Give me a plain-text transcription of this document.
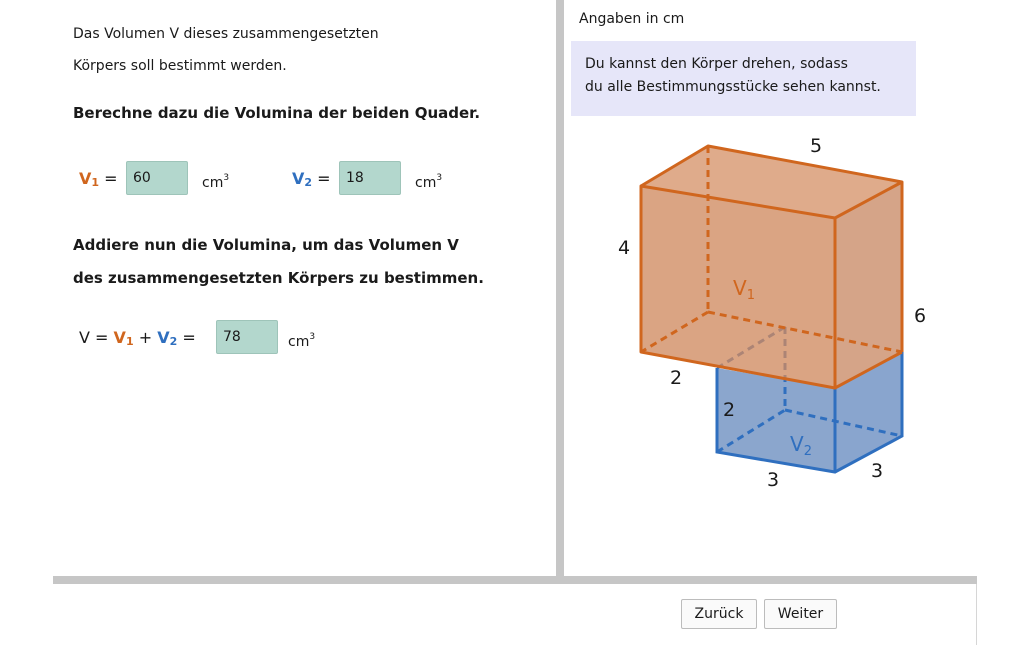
Das Volumen V dieses zusammengesetzten
Körpers soll bestimmt werden.
Berechne dazu die Volumina der beiden Quader.
V1 =
60	$cm^3$	V2 =
18	$cm^3$
Addiere nun die Volumina, um das Volumen V
des zusammengesetzten Körpers zu bestimmen.
V = V1 + V2 =
78	$cm^3$
Angaben in cm
Du kannst den Körper drehen, sodass
du alle Bestimmungsstücke sehen kannst.
5
4
6
2
2
3	3
$V_1$
$V_2$
Zurück	Weiter
